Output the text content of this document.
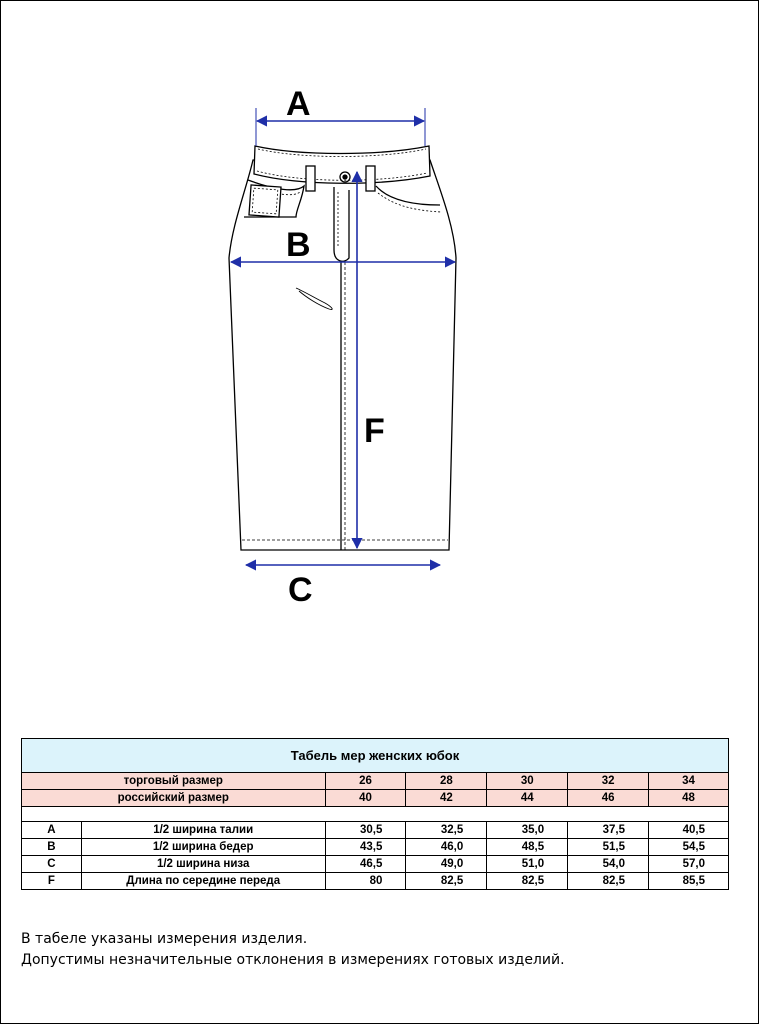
A
B
F
C
Табель мер женских юбок						
торговый размер		26	28	30	32	34
российский размер		40	42	44	46	48

A	1/2 ширина талии	30,5	32,5	35,0	37,5	40,5
B	1/2 ширина бедер	43,5	46,0	48,5	51,5	54,5
C	1/2 ширина низа	46,5	49,0	51,0	54,0	57,0
F	Длина по середине переда	80	82,5	82,5	82,5	85,5
В табеле указаны измерения изделия.
Допустимы незначительные отклонения в измерениях готовых изделий.
